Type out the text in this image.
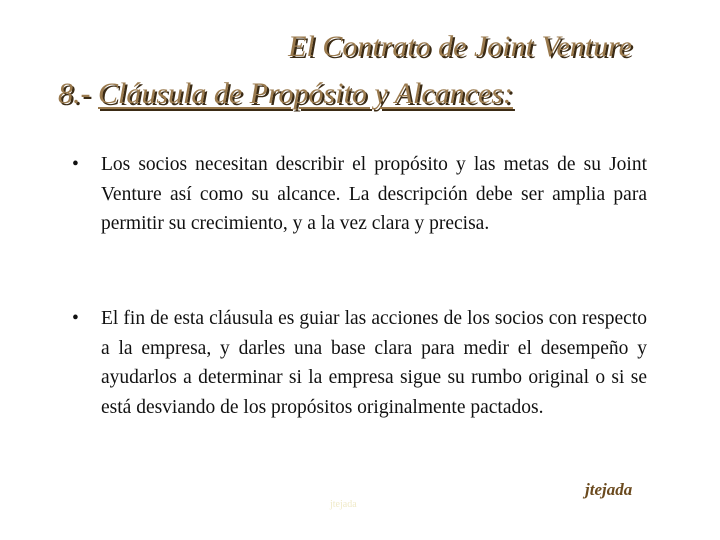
El Contrato de Joint Venture
8.- Cláusula de Propósito y Alcances:
•	Los socios necesitan describir el propósito y las metas de su Joint Venture así como su alcance. La descripción debe ser amplia para permitir su crecimiento, y a la vez clara y precisa.
•	El fin de esta cláusula es guiar las acciones de los socios con respecto a la empresa, y darles una base clara para medir el desempeño y ayudarlos a determinar si la empresa sigue su rumbo original o si se está desviando de los propósitos originalmente pactados.
jtejada
jtejada
